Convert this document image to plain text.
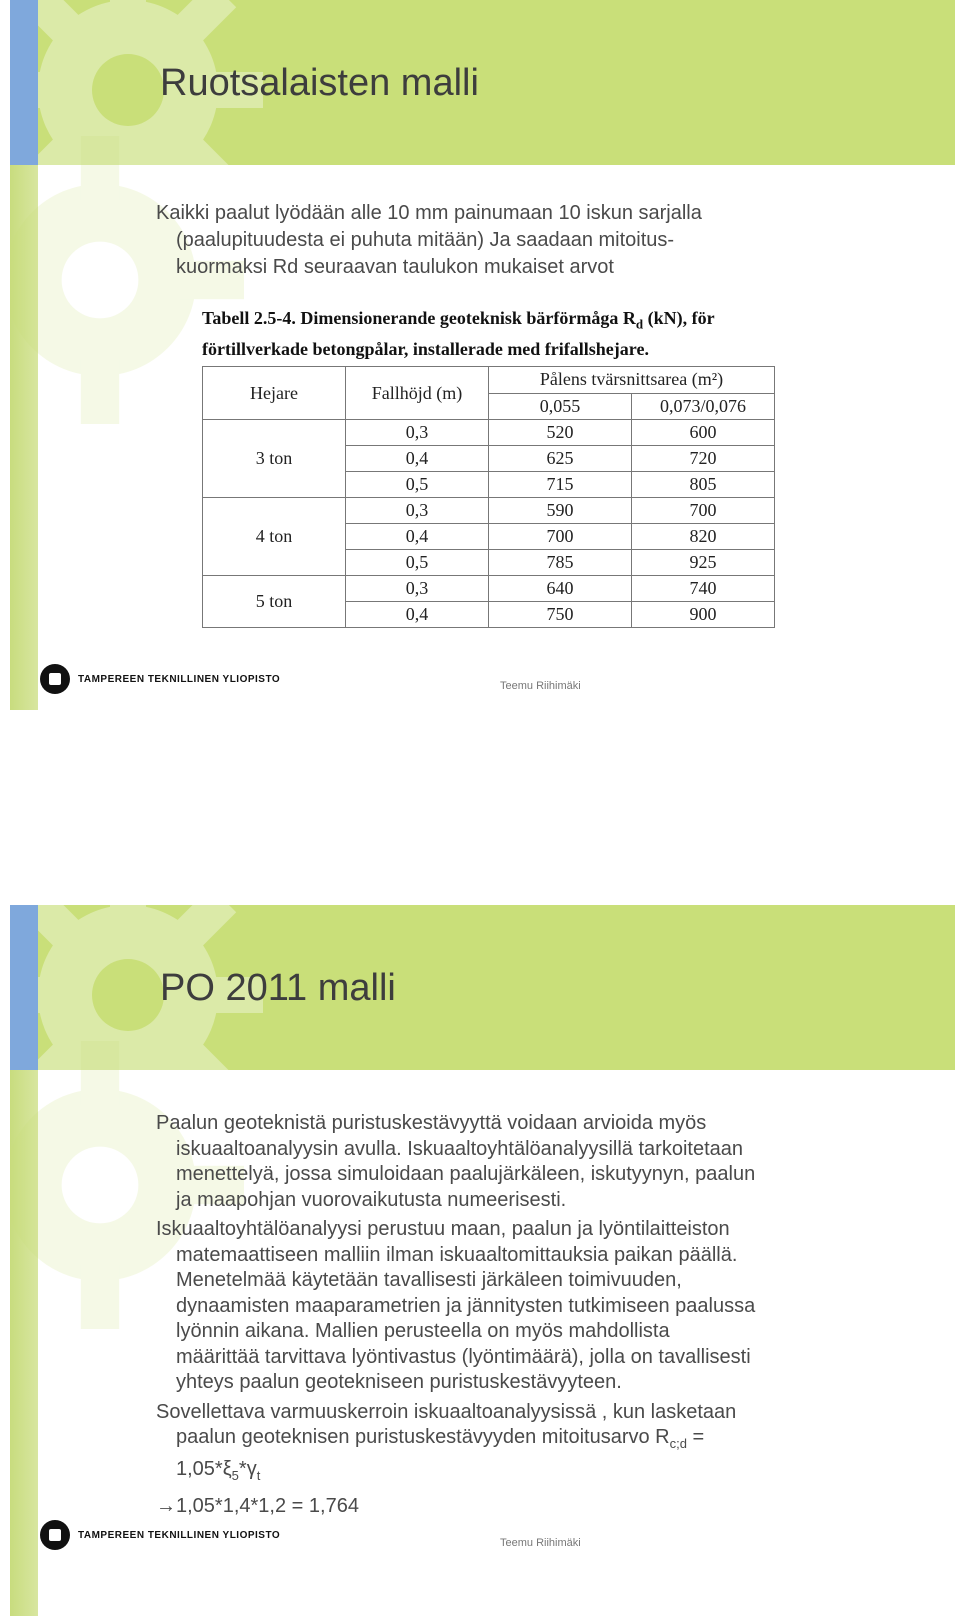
Ruotsalaisten malli

Kaikki paalut lyödään alle 10 mm painumaan 10 iskun sarjalla

(paalupituudesta ei puhuta mitään) Ja saadaan mitoitus-
kuormaksi Rd seuraavan taulukon mukaiset arvot

Tabell 2.5-4. Dimensionerande geoteknisk bärförmåga $R_d$ (kN), för
förtillverkade betongpålar, installerade med frifallshejare.
Hejare	Fallhöjd (m)	Pålens tvärsnittsarea (m²)	
		0,055	0,073/0,076
3 ton	0,3	520	600
	0,4	625	720
	0,5	715	805
4 ton	0,3	590	700
	0,4	700	820
	0,5	785	925
5 ton	0,3	640	740
	0,4	750	900
TAMPEREEN TEKNILLINEN YLIOPISTO
Teemu Riihimäki
PO 2011 malli

Paalun geoteknistä puristuskestävyyttä voidaan arvioida myös
iskuaaltoanalyysin avulla. Iskuaaltoyhtälöanalyysillä tarkoitetaan
menettelyä, jossa simuloidaan paalujärkäleen, iskutyynyn, paalun
ja maapohjan vuorovaikutusta numeerisesti.

Iskuaaltoyhtälöanalyysi perustuu maan, paalun ja lyöntilaitteiston
matemaattiseen malliin ilman iskuaaltomittauksia paikan päällä.
Menetelmää käytetään tavallisesti järkäleen toimivuuden,
dynaamisten maaparametrien ja jännitysten tutkimiseen paalussa
lyönnin aikana. Mallien perusteella on myös mahdollista
määrittää tarvittava lyöntivastus (lyöntimäärä), jolla on tavallisesti
yhteys paalun geotekniseen puristuskestävyyteen.

Sovellettava varmuuskerroin iskuaaltoanalyysissä , kun lasketaan
paalun geoteknisen puristuskestävyyden mitoitusarvo $R_{c;d}$ =
$1,05*\xi_5*\gamma_t$

→1,05*1,4*1,2 = 1,764

TAMPEREEN TEKNILLINEN YLIOPISTO
Teemu Riihimäki
